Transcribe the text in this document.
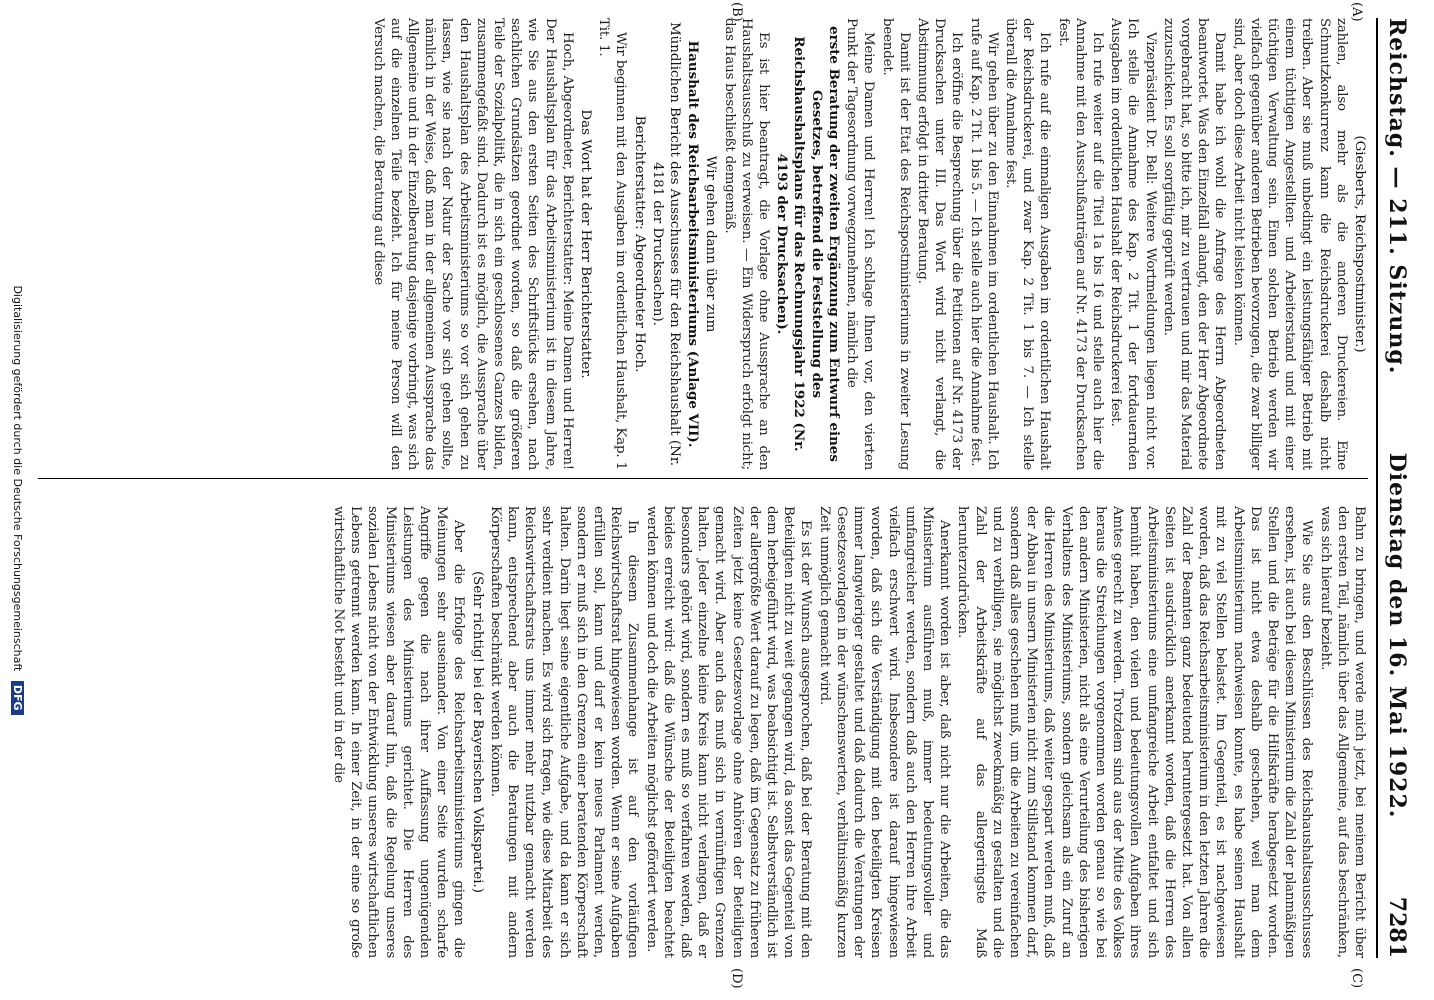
Reichstag. — 211. Sitzung.
Dienstag den 16. Mai 1922.
7281
(A)
(B)
(C)
(D)

(Giesberts, Reichspostminister.)

zahlen, also mehr als die anderen Druckereien. Eine Schmutzkonkurrenz kann die Reichsdruckerei deshalb nicht treiben. Aber sie muß unbedingt ein leistungsfähiger Betrieb mit einem tüchtigen Angestellten- und Arbeiterstand und mit einer tüchtigen Verwaltung sein. Einen solchen Betrieb werden wir vielfach gegenüber anderen Betrieben bevorzugen, die zwar billiger sind, aber doch diese Arbeit nicht leisten können.

Damit habe ich wohl die Anfrage des Herrn Abgeordneten beantwortet. Was den Einzelfall anlangt, den der Herr Abgeordnete vorgebracht hat, so bitte ich, mir zu vertrauen und mir das Material zuzuschicken. Es soll sorgfältig geprüft werden.

Vizepräsident Dr. Bell: Weitere Wortmeldungen liegen nicht vor. Ich stelle die Annahme des Kap. 2 Tit. 1 der fortdauernden Ausgaben im ordentlichen Haushalt der Reichsdruckerei fest.

Ich rufe weiter auf die Titel 1a bis 16 und stelle auch hier die Annahme mit den Ausschußanträgen auf Nr. 4173 der Drucksachen fest.

Ich rufe auf die einmaligen Ausgaben im ordentlichen Haushalt der Reichsdruckerei, und zwar Kap. 2 Tit. 1 bis 7. — Ich stelle überall die Annahme fest.

Wir gehen über zu den Einnahmen im ordentlichen Haushalt. Ich rufe auf Kap. 2 Tit. 1 bis 5. — Ich stelle auch hier die Annahme fest.

Ich eröffne die Besprechung über die Petitionen auf Nr. 4173 der Drucksachen unter III. Das Wort wird nicht verlangt, die Abstimmung erfolgt in dritter Beratung.

Damit ist der Etat des Reichspostministeriums in zweiter Lesung beendet.

Meine Damen und Herren! Ich schlage Ihnen vor, den vierten Punkt der Tagesordnung vorwegzunehmen, nämlich die

erste Beratung der zweiten Ergänzung zum Entwurf eines Gesetzes, betreffend die Feststellung des Reichshaushaltsplans für das Rechnungsjahr 1922 (Nr. 4193 der Drucksachen).

Es ist hier beantragt, die Vorlage ohne Aussprache an den Haushaltsausschuß zu verweisen. — Ein Widerspruch erfolgt nicht; das Haus beschließt demgemäß.

Wir gehen dann über zum

Haushalt des Reichsarbeitsministeriums (Anlage VII).

Mündlichen Bericht des Ausschusses für den Reichshaushalt (Nr. 4181 der Drucksachen).

Berichterstatter: Abgeordneter Hoch.

Wir beginnen mit den Ausgaben im ordentlichen Haushalt, Kap. 1 Tit. 1.

Das Wort hat der Herr Berichterstatter.

Hoch, Abgeordneter, Berichterstatter: Meine Damen und Herren! Der Haushaltsplan für das Arbeitsministerium ist in diesem Jahre, wie Sie aus den ersten Seiten des Schriftstücks ersehen, nach sachlichen Grundsätzen geordnet worden, so daß die größeren Teile der Sozialpolitik, die in sich ein geschlossenes Ganzes bilden, zusammengefaßt sind. Dadurch ist es möglich, die Aussprache über den Haushaltsplan des Arbeitsministeriums so vor sich gehen zu lassen, wie sie nach der Natur der Sache vor sich gehen sollte, nämlich in der Weise, daß man in der allgemeinen Aussprache das Allgemeine und in der Einzelberatung dasjenige vorbringt, was sich auf die einzelnen Teile bezieht. Ich für meine Person will den Versuch machen, die Beratung auf diese

Bahn zu bringen, und werde mich jetzt, bei meinem Bericht über den ersten Teil, nämlich über das Allgemeine, auf das beschränken, was sich hierauf bezieht.

Wie Sie aus den Beschlüssen des Reichshaushaltsausschusses ersehen, ist auch bei diesem Ministerium die Zahl der planmäßigen Stellen und die Beträge für die Hilfskräfte herabgesetzt worden. Das ist nicht etwa deshalb geschehen, weil man dem Arbeitsministerium nachweisen konnte, es habe seinen Haushalt mit zu viel Stellen belastet. Im Gegenteil, es ist nachgewiesen worden, daß das Reichsarbeitsministerium in den letzten Jahren die Zahl der Beamten ganz bedeutend heruntergesetzt hat. Von allen Seiten ist ausdrücklich anerkannt worden, daß die Herren des Arbeitsministeriums eine umfangreiche Arbeit entfaltet und sich bemüht haben, den vielen und bedeutungsvollen Aufgaben ihres Amtes gerecht zu werden. Trotzdem sind aus der Mitte des Volkes heraus die Streichungen vorgenommen worden genau so wie bei den andern Ministerien, nicht als eine Verurteilung des bisherigen Verhaltens des Ministeriums, sondern gleichsam als ein Zuruf an die Herren des Ministeriums, daß weiter gespart werden muß, daß der Abbau in unsern Ministerien nicht zum Stillstand kommen darf, sondern daß alles geschehen muß, um die Arbeiten zu vereinfachen und zu verbilligen, sie möglichst zweckmäßig zu gestalten und die Zahl der Arbeitskräfte auf das allergeringste Maß herunterzudrücken.

Anerkannt worden ist aber, daß nicht nur die Arbeiten, die das Ministerium ausführen muß, immer bedeutungsvoller und umfangreicher werden, sondern daß auch den Herren ihre Arbeit vielfach erschwert wird. Insbesondere ist darauf hingewiesen worden, daß sich die Verständigung mit den beteiligten Kreisen immer langwieriger gestaltet und daß dadurch die Veratungen der Gesetzesvorlagen in der wünschenswerten, verhältnismäßig kurzen Zeit unmöglich gemacht wird.

Es ist der Wunsch ausgesprochen, daß bei der Beratung mit den Beteiligten nicht zu weit gegangen wird, da sonst das Gegenteil von dem herbeigeführt wird, was beabsichtigt ist. Selbstverständlich ist der allergrößte Wert darauf zu legen, daß im Gegensatz zu früheren Zeiten jetzt keine Gesetzesvorlage ohne Anhören der Beteiligten gemacht wird. Aber auch das muß sich in vernünftigen Grenzen halten. Jeder einzelne kleine Kreis kann nicht verlangen, daß er besonders gehört wird, sondern es muß so verfahren werden, daß beides erreicht wird: daß die Wünsche der Beteiligten beachtet werden können und doch die Arbeiten möglichst gefördert werden.

In diesem Zusammenhange ist auf den vorläufigen Reichswirtschaftsrat hingewiesen worden. Wenn er seine Aufgaben erfüllen soll, kann und darf er kein neues Parlament werden, sondern er muß sich in den Grenzen einer beratenden Körperschaft halten. Darin liegt seine eigentliche Aufgabe, und da kann er sich sehr verdient machen. Es wird sich fragen, wie diese Mitarbeit des Reichswirtschaftsrats uns immer mehr nutzbar gemacht werden kann, entsprechend aber auch die Beratungen mit andern Körperschaften beschränkt werden können.

(Sehr richtig! bei der Bayerischen Volkspartei.)

Aber die Erfolge des Reichsarbeitsministeriums gingen die Meinungen sehr auseinander. Von einer Seite wurden scharfe Angriffe gegen die nach ihrer Auffassung ungenügenden Leistungen des Ministeriums gerichtet. Die Herren des Ministeriums wiesen aber darauf hin, daß die Regelung unseres sozialen Lebens nicht von der Entwicklung unseres wirtschaftlichen Lebens getrennt werden kann. In einer Zeit, in der eine so große wirtschaftliche Not besteht und in der die

Digitalisierung gefördert durch die Deutsche Forschungsgemeinschaft DFG
